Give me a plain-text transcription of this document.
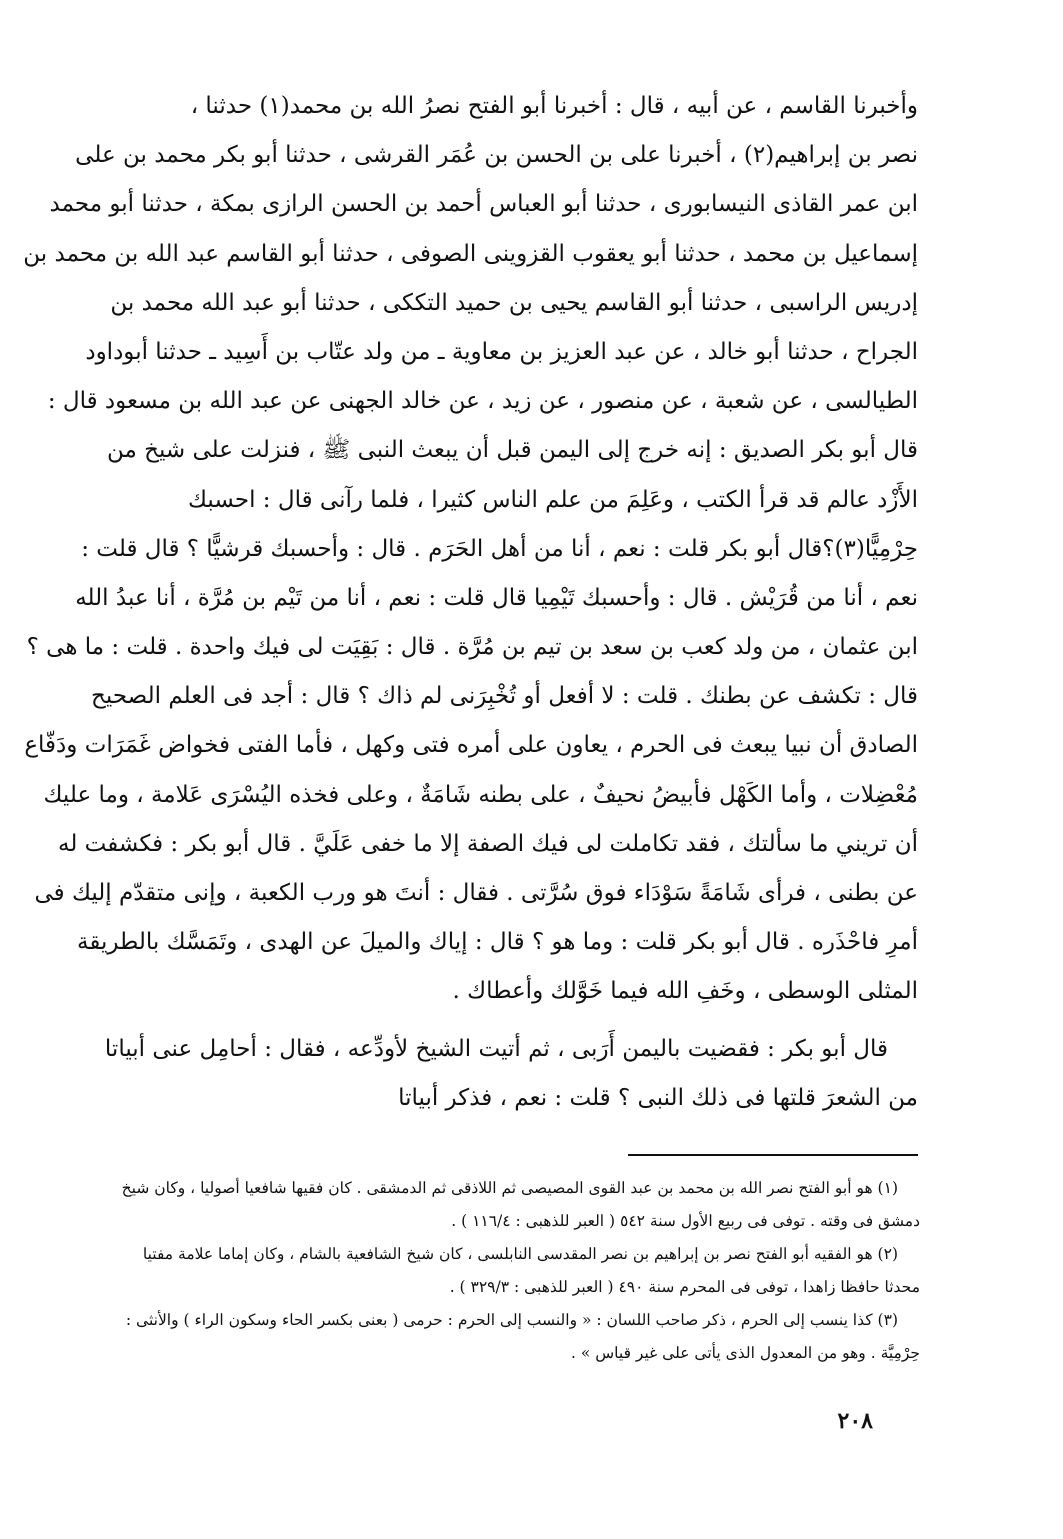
وأخبرنا القاسم ، عن أبيه ، قال : أخبرنا أبو الفتح نصرُ الله بن محمد(١) حدثنا ،
نصر بن إبراهيم(٢) ، أخبرنا على بن الحسن بن عُمَر القرشى ، حدثنا أبو بكر محمد بن على
ابن عمر القاذى النيسابورى ، حدثنا أبو العباس أحمد بن الحسن الرازى بمكة ، حدثنا أبو محمد
إسماعيل بن محمد ، حدثنا أبو يعقوب القزوينى الصوفى ، حدثنا أبو القاسم عبد الله بن محمد بن
إدريس الراسبى ، حدثنا أبو القاسم يحيى بن حميد التككى ، حدثنا أبو عبد الله محمد بن
الجراح ، حدثنا أبو خالد ، عن عبد العزيز بن معاوية ـ من ولد عتّاب بن أَسِيد ـ حدثنا أبوداود
الطيالسى ، عن شعبة ، عن منصور ، عن زيد ، عن خالد الجهنى عن عبد الله بن مسعود قال :
قال أبو بكر الصديق : إنه خرج إلى اليمن قبل أن يبعث النبى ﷺ ، فنزلت على شيخ من
الأَزْد عالم قد قرأ الكتب ، وعَلِمَ من علم الناس كثيرا ، فلما رآنى قال : احسبك
حِرْمِيًّا(٣)؟قال أبو بكر قلت : نعم ، أنا من أهل الحَرَم . قال : وأحسبك قرشيًّا ؟ قال قلت :
نعم ، أنا من قُرَيْش . قال : وأحسبك تَيْمِيا قال قلت : نعم ، أنا من تَيْم بن مُرَّة ، أنا عبدُ الله
ابن عثمان ، من ولد كعب بن سعد بن تيم بن مُرَّة . قال : بَقِيَت لى فيك واحدة . قلت : ما هى ؟
قال : تكشف عن بطنك . قلت : لا أفعل أو تُخْبِرَنى لم ذاك ؟ قال : أجد فى العلم الصحيح
الصادق أن نبيا يبعث فى الحرم ، يعاون على أمره فتى وكهل ، فأما الفتى فخواض غَمَرَات ودَفّاع
مُعْضِلات ، وأما الكَهْل فأبيضُ نحيفٌ ، على بطنه شَامَةٌ ، وعلى فخذه اليُسْرَى عَلامة ، وما عليك
أن تريني ما سألتك ، فقد تكاملت لى فيك الصفة إلا ما خفى عَلَيَّ . قال أبو بكر : فكشفت له
عن بطنى ، فرأى شَامَةً سَوْدَاء فوق سُرَّتى . فقال : أنتَ هو ورب الكعبة ، وإنى متقدّم إليك فى
أمرِ فاحْذَره . قال أبو بكر قلت : وما هو ؟ قال : إياك والميلَ عن الهدى ، وتَمَسَّك بالطريقة
المثلى الوسطى ، وخَفِ الله فيما خَوَّلك وأعطاك .
قال أبو بكر : فقضيت باليمن أَرَبى ، ثم أتيت الشيخ لأودِّعه ، فقال : أحامِل عنى أبياتا
من الشعرَ قلتها فى ذلك النبى ؟ قلت : نعم ، فذكر أبياتا
(١) هو أبو الفتح نصر الله بن محمد بن عبد القوى المصيصى ثم اللاذقى ثم الدمشقى . كان فقيها شافعيا أصوليا ، وكان شيخ
دمشق فى وقته . توفى فى ربيع الأول سنة ٥٤٢ ( العبر للذهبى : ١١٦/٤ ) .
(٢) هو الفقيه أبو الفتح نصر بن إبراهيم بن نصر المقدسى النابلسى ، كان شيخ الشافعية بالشام ، وكان إماما علامة مفتيا
محدثا حافظا زاهدا ، توفى فى المحرم سنة ٤٩٠ ( العبر للذهبى : ٣٢٩/٣ ) .
(٣) كذا ينسب إلى الحرم ، ذكر صاحب اللسان : « والنسب إلى الحرم : حرمى ( بعنى بكسر الحاء وسكون الراء ) والأنثى :
حِرْمِيَّة . وهو من المعدول الذى يأتى على غير قياس » .
٢٠٨
